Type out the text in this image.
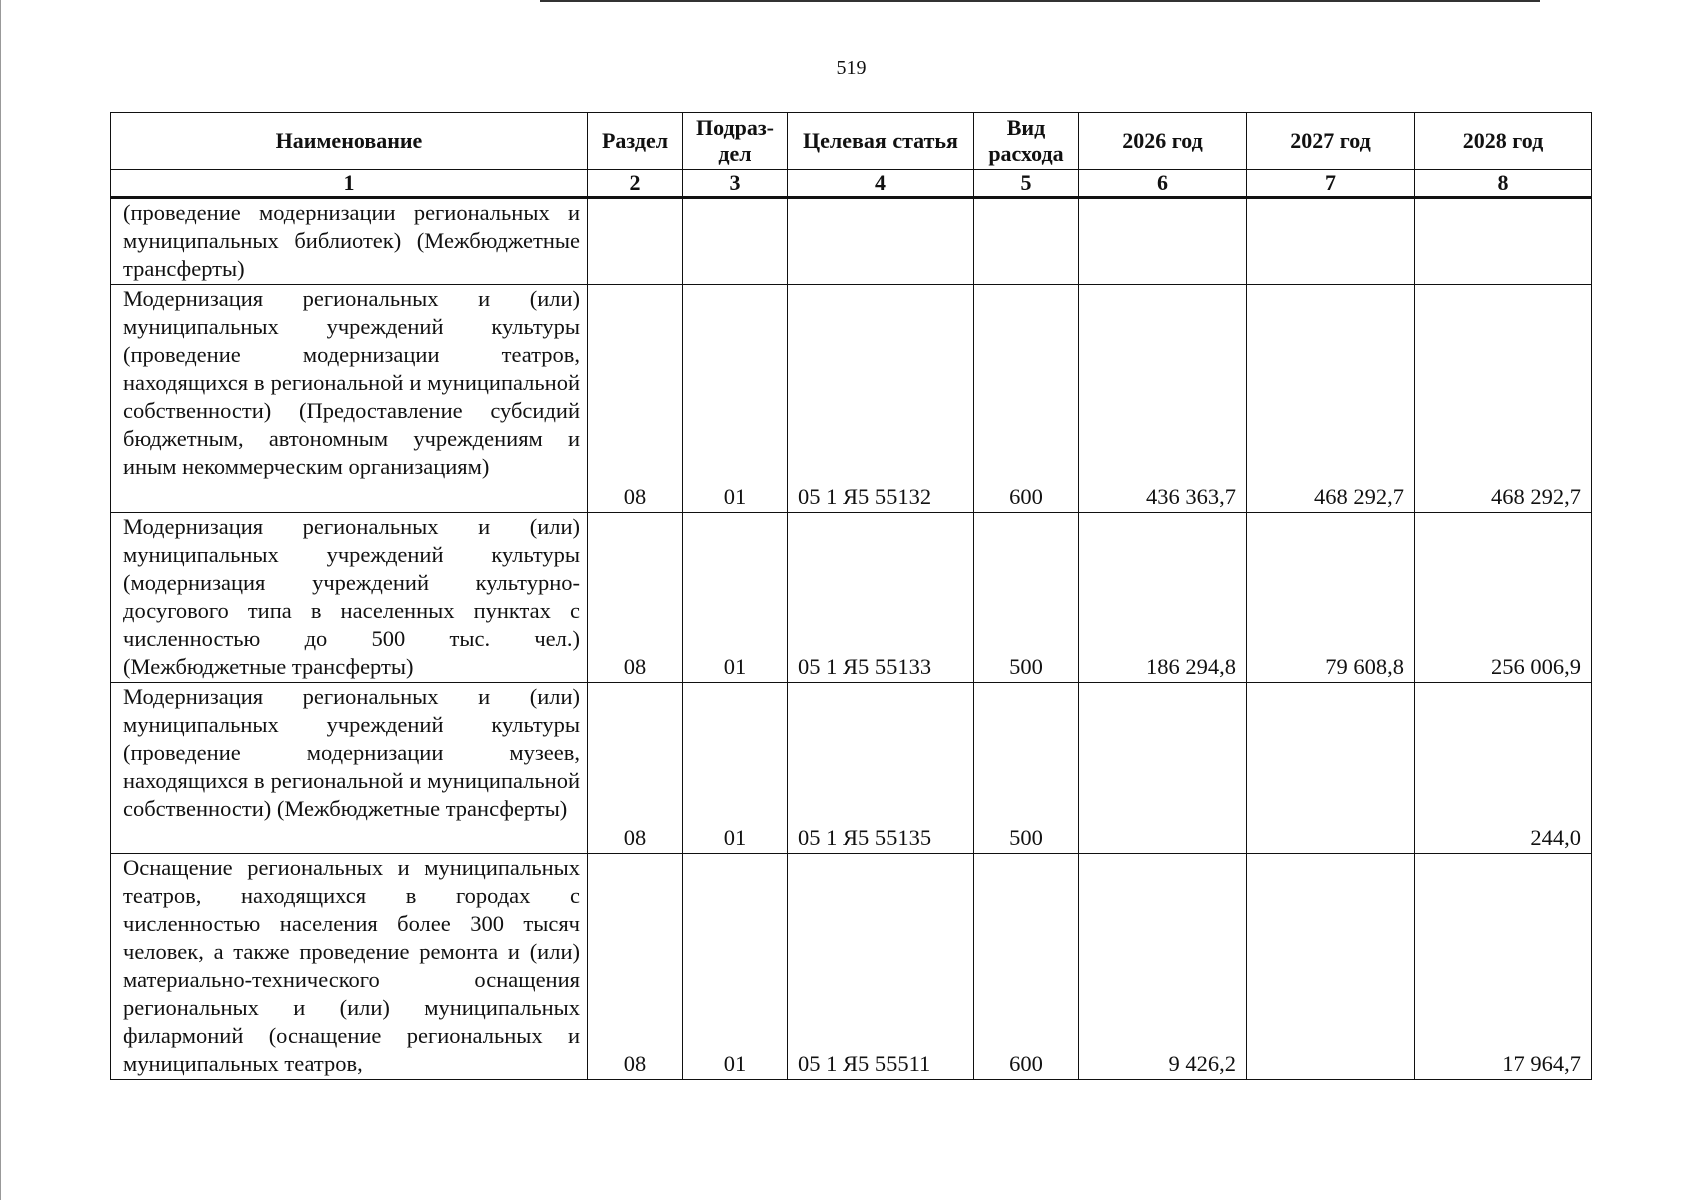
519
Наименование	Раздел	Подраз-дел	Целевая статья	Вид расхода	2026 год	2027 год	2028 год
1	2	3	4	5	6	7	8
(проведение модернизации региональных и муниципальных библиотек) (Межбюджетные трансферты)							
Модернизация региональных и (или) муниципальных учреждений культуры (проведение модернизации театров, находящихся в региональной и муниципальной собственности) (Предоставление субсидий бюджетным, автономным учреждениям и иным некоммерческим организациям)	08	01	05 1 Я5 55132	600	436 363,7	468 292,7	468 292,7
Модернизация региональных и (или) муниципальных учреждений культуры (модернизация учреждений культурно-досугового типа в населенных пунктах с численностью до 500 тыс. чел.) (Межбюджетные трансферты)	08	01	05 1 Я5 55133	500	186 294,8	79 608,8	256 006,9
Модернизация региональных и (или) муниципальных учреждений культуры (проведение модернизации музеев, находящихся в региональной и муниципальной собственности) (Межбюджетные трансферты)	08	01	05 1 Я5 55135	500			244,0
Оснащение региональных и муниципальных театров, находящихся в городах с численностью населения более 300 тысяч человек, а также проведение ремонта и (или) материально-технического оснащения региональных и (или) муниципальных филармоний (оснащение региональных и муниципальных театров,	08	01	05 1 Я5 55511	600	9 426,2		17 964,7
